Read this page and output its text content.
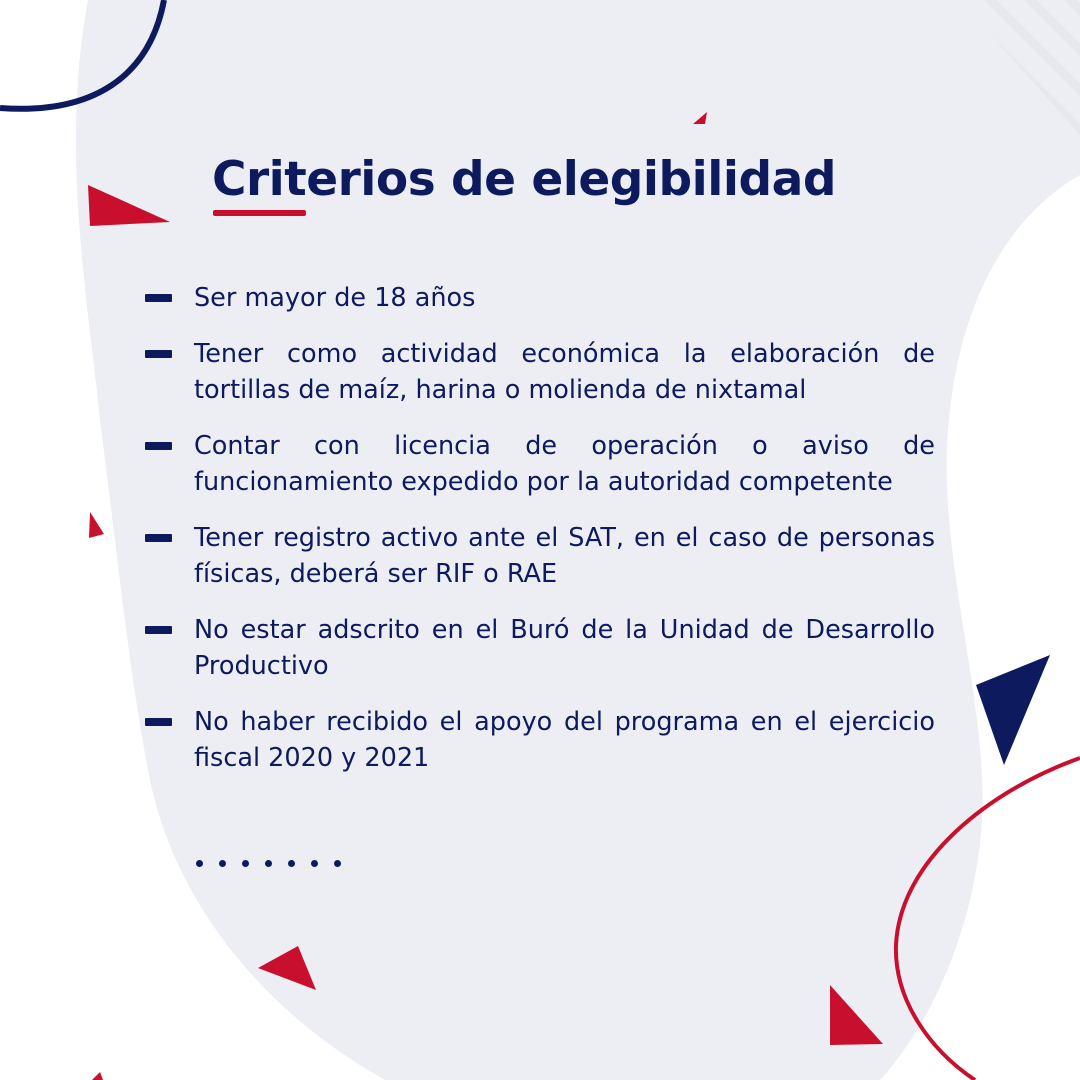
Criterios de elegibilidad
Ser mayor de 18 años
Tener como actividad económica la elaboración de tortillas de maíz, harina o molienda de nixtamal
Contar con licencia de operación o aviso de funcionamiento expedido por la autoridad competente
Tener registro activo ante el SAT, en el caso de personas físicas, deberá ser RIF o RAE
No estar adscrito en el Buró de la Unidad de Desarrollo Productivo
No haber recibido el apoyo del programa en el ejercicio fiscal 2020 y 2021
